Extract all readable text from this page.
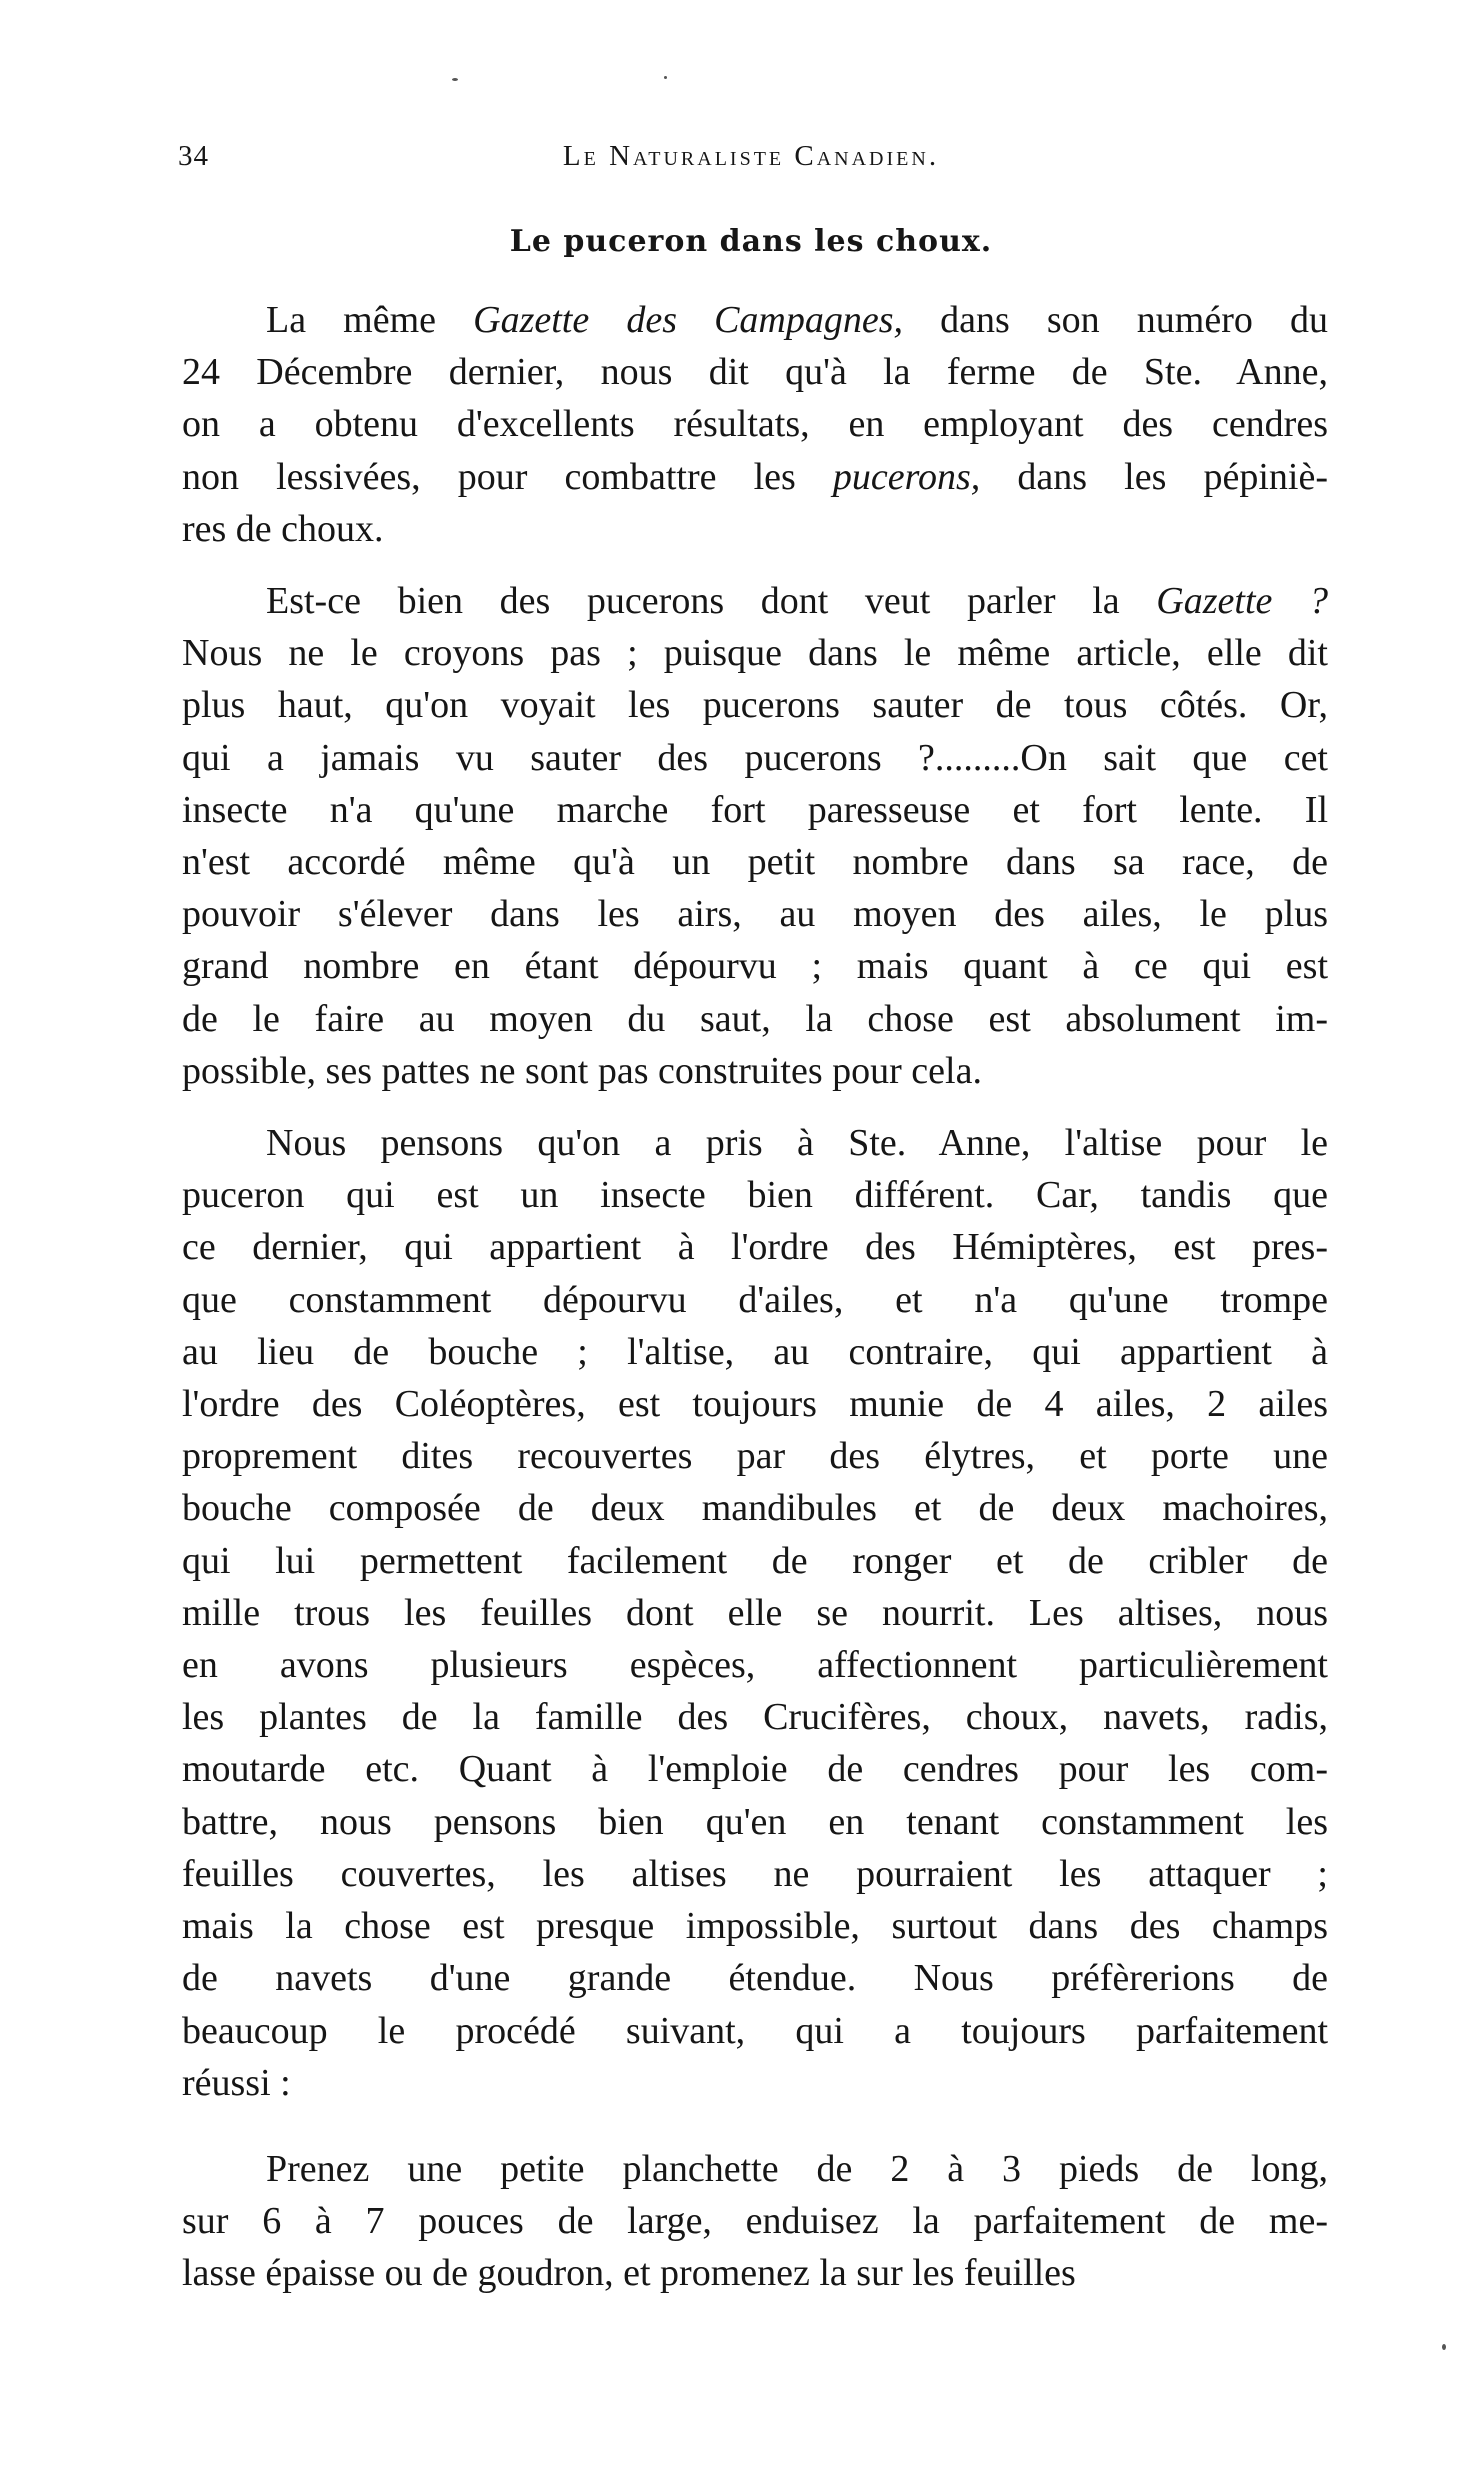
34	Le Naturaliste Canadien.
Le puceron dans les choux.
La même Gazette des Campagnes, dans son numéro du
24 Décembre dernier, nous dit qu'à la ferme de Ste. Anne,
on a obtenu d'excellents résultats, en employant des cendres
non lessivées, pour combattre les pucerons, dans les pépiniè-
res de choux.
Est-ce bien des pucerons dont veut parler la Gazette ?
Nous ne le croyons pas ; puisque dans le même article, elle dit
plus haut, qu'on voyait les pucerons sauter de tous côtés. Or,
qui a jamais vu sauter des pucerons ?.........On sait que cet
insecte n'a qu'une marche fort paresseuse et fort lente. Il
n'est accordé même qu'à un petit nombre dans sa race, de
pouvoir s'élever dans les airs, au moyen des ailes, le plus
grand nombre en étant dépourvu ; mais quant à ce qui est
de le faire au moyen du saut, la chose est absolument im-
possible, ses pattes ne sont pas construites pour cela.
Nous pensons qu'on a pris à Ste. Anne, l'altise pour le
puceron qui est un insecte bien différent. Car, tandis que
ce dernier, qui appartient à l'ordre des Hémiptères, est pres-
que constamment dépourvu d'ailes, et n'a qu'une trompe
au lieu de bouche ; l'altise, au contraire, qui appartient à
l'ordre des Coléoptères, est toujours munie de 4 ailes, 2 ailes
proprement dites recouvertes par des élytres, et porte une
bouche composée de deux mandibules et de deux machoires,
qui lui permettent facilement de ronger et de cribler de
mille trous les feuilles dont elle se nourrit. Les altises, nous
en avons plusieurs espèces, affectionnent particulièrement
les plantes de la famille des Crucifères, choux, navets, radis,
moutarde etc. Quant à l'emploie de cendres pour les com-
battre, nous pensons bien qu'en en tenant constamment les
feuilles couvertes, les altises ne pourraient les attaquer ;
mais la chose est presque impossible, surtout dans des champs
de navets d'une grande étendue. Nous préfèrerions de
beaucoup le procédé suivant, qui a toujours parfaitement
réussi :
Prenez une petite planchette de 2 à 3 pieds de long,
sur 6 à 7 pouces de large, enduisez la parfaitement de me-
lasse épaisse ou de goudron, et promenez la sur les feuilles
